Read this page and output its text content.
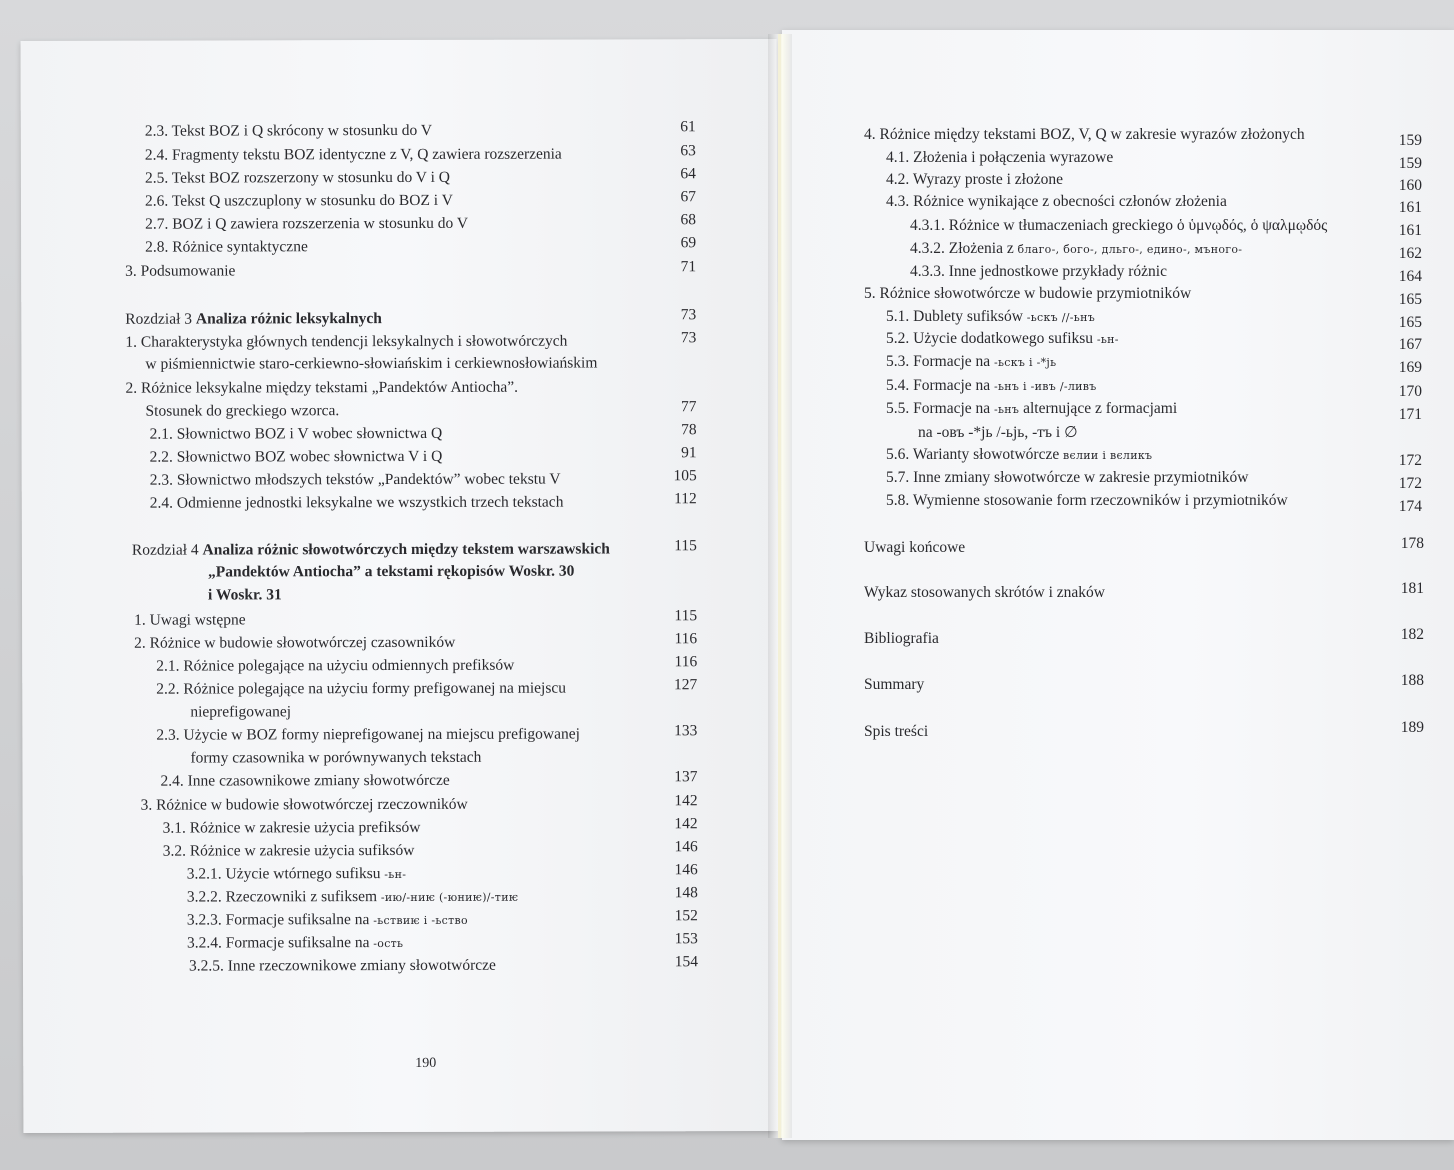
2.3. Tekst BOZ i Q skrócony w stosunku do V	61
2.4. Fragmenty tekstu BOZ identyczne z V, Q zawiera rozszerzenia	63
2.5. Tekst BOZ rozszerzony w stosunku do V i Q	64
2.6. Tekst Q uszczuplony w stosunku do BOZ i V	67
2.7. BOZ i Q zawiera rozszerzenia w stosunku do V	68
2.8. Różnice syntaktyczne	69
3. Podsumowanie	71
Rozdział 3 Analiza różnic leksykalnych	73
1. Charakterystyka głównych tendencji leksykalnych i słowotwórczych	73
w piśmiennictwie staro-cerkiewno-słowiańskim i cerkiewnosłowiańskim
2. Różnice leksykalne między tekstami „Pandektów Antiocha”.
Stosunek do greckiego wzorca.	77
2.1. Słownictwo BOZ i V wobec słownictwa Q	78
2.2. Słownictwo BOZ wobec słownictwa V i Q	91
2.3. Słownictwo młodszych tekstów „Pandektów” wobec tekstu V	105
2.4. Odmienne jednostki leksykalne we wszystkich trzech tekstach	112
Rozdział 4 Analiza różnic słowotwórczych między tekstem warszawskich	115
„Pandektów Antiocha” a tekstami rękopisów Woskr. 30
i Woskr. 31
1. Uwagi wstępne	115
2. Różnice w budowie słowotwórczej czasowników	116
2.1. Różnice polegające na użyciu odmiennych prefiksów	116
2.2. Różnice polegające na użyciu formy prefigowanej na miejscu	127
nieprefigowanej
2.3. Użycie w BOZ formy nieprefigowanej na miejscu prefigowanej	133
formy czasownika w porównywanych tekstach
2.4. Inne czasownikowe zmiany słowotwórcze	137
3. Różnice w budowie słowotwórczej rzeczowników	142
3.1. Różnice w zakresie użycia prefiksów	142
3.2. Różnice w zakresie użycia sufiksów	146
3.2.1. Użycie wtórnego sufiksu -ьн-	146
3.2.2. Rzeczowniki z sufiksem -ию/-ниѥ (-юниѥ)/-тиѥ	148
3.2.3. Formacje sufiksalne na -ьствиѥ і -ьство	152
3.2.4. Formacje sufiksalne na -ость	153
3.2.5. Inne rzeczownikowe zmiany słowotwórcze	154
190
4. Różnice między tekstami BOZ, V, Q w zakresie wyrazów złożonych	159
4.1. Złożenia i połączenia wyrazowe	159
4.2. Wyrazy proste i złożone	160
4.3. Różnice wynikające z obecności członów złożenia	161
4.3.1. Różnice w tłumaczeniach greckiego ὁ ὑμνῳδός, ὁ ψαλμῳδός	161
4.3.2. Złożenia z благо-, бого-, дльго-, едино-, мъного-	162
4.3.3. Inne jednostkowe przykłady różnic	164
5. Różnice słowotwórcze w budowie przymiotników	165
5.1. Dublety sufiksów -ьскъ //-ьнъ	165
5.2. Użycie dodatkowego sufiksu -ьн-	167
5.3. Formacje na -ьскъ і -*jь	169
5.4. Formacje na -ьнъ і -ивъ /-ливъ	170
5.5. Formacje na -ьнъ alternujące z formacjami	171
na -овъ -*jь /-ьjь, -тъ і ∅
5.6. Warianty słowotwórcze вєлии і вєликъ	172
5.7. Inne zmiany słowotwórcze w zakresie przymiotników	172
5.8. Wymienne stosowanie form rzeczowników i przymiotników	174
Uwagi końcowe	178
Wykaz stosowanych skrótów i znaków	181
Bibliografia	182
Summary	188
Spis treści	189
